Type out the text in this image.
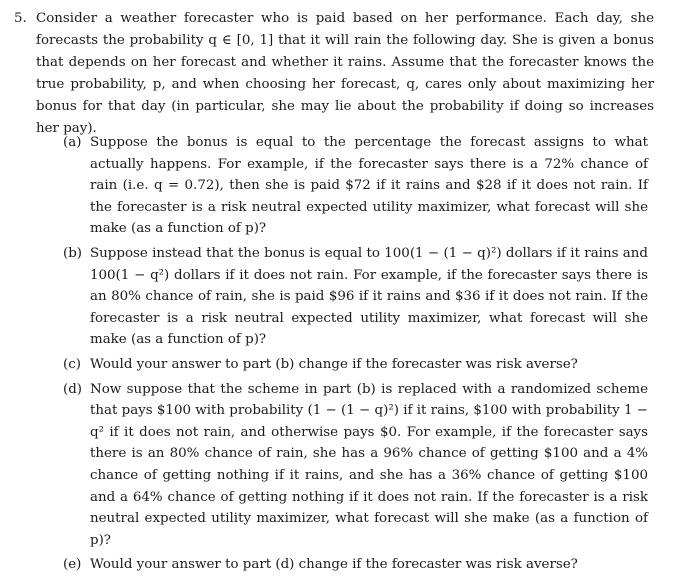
5. Consider a weather forecaster who is paid based on her performance. Each day, she forecasts the probability q ∈ [0, 1] that it will rain the following day. She is given a bonus that depends on her forecast and whether it rains. Assume that the forecaster knows the true probability, p, and when choosing her forecast, q, cares only about maximizing her bonus for that day (in particular, she may lie about the probability if doing so increases her pay).
(a) Suppose the bonus is equal to the percentage the forecast assigns to what actually happens. For example, if the forecaster says there is a 72% chance of rain (i.e. q = 0.72), then she is paid $72 if it rains and $28 if it does not rain. If the forecaster is a risk neutral expected utility maximizer, what forecast will she make (as a function of p)?
(b) Suppose instead that the bonus is equal to 100(1 − (1 − q)²) dollars if it rains and 100(1 − q²) dollars if it does not rain. For example, if the forecaster says there is an 80% chance of rain, she is paid $96 if it rains and $36 if it does not rain. If the forecaster is a risk neutral expected utility maximizer, what forecast will she make (as a function of p)?
(c) Would your answer to part (b) change if the forecaster was risk averse?
(d) Now suppose that the scheme in part (b) is replaced with a randomized scheme that pays $100 with probability (1 − (1 − q)²) if it rains, $100 with probability 1 − q² if it does not rain, and otherwise pays $0. For example, if the forecaster says there is an 80% chance of rain, she has a 96% chance of getting $100 and a 4% chance of getting nothing if it rains, and she has a 36% chance of getting $100 and a 64% chance of getting nothing if it does not rain. If the forecaster is a risk neutral expected utility maximizer, what forecast will she make (as a function of p)?
(e) Would your answer to part (d) change if the forecaster was risk averse?
